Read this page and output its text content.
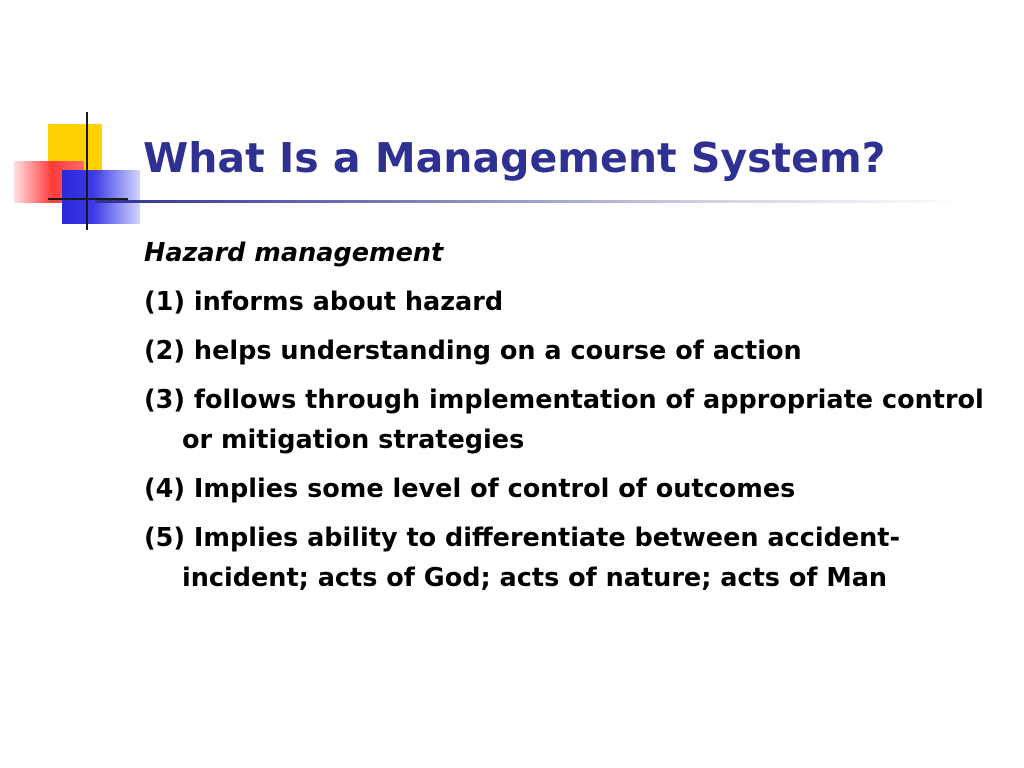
What Is a Management System?
Hazard management
(1) informs about hazard
(2) helps understanding on a course of action
(3) follows through implementation of appropriate control or mitigation strategies
(4) Implies some level of control of outcomes
(5) Implies ability to differentiate between accident-incident; acts of God; acts of nature; acts of Man
